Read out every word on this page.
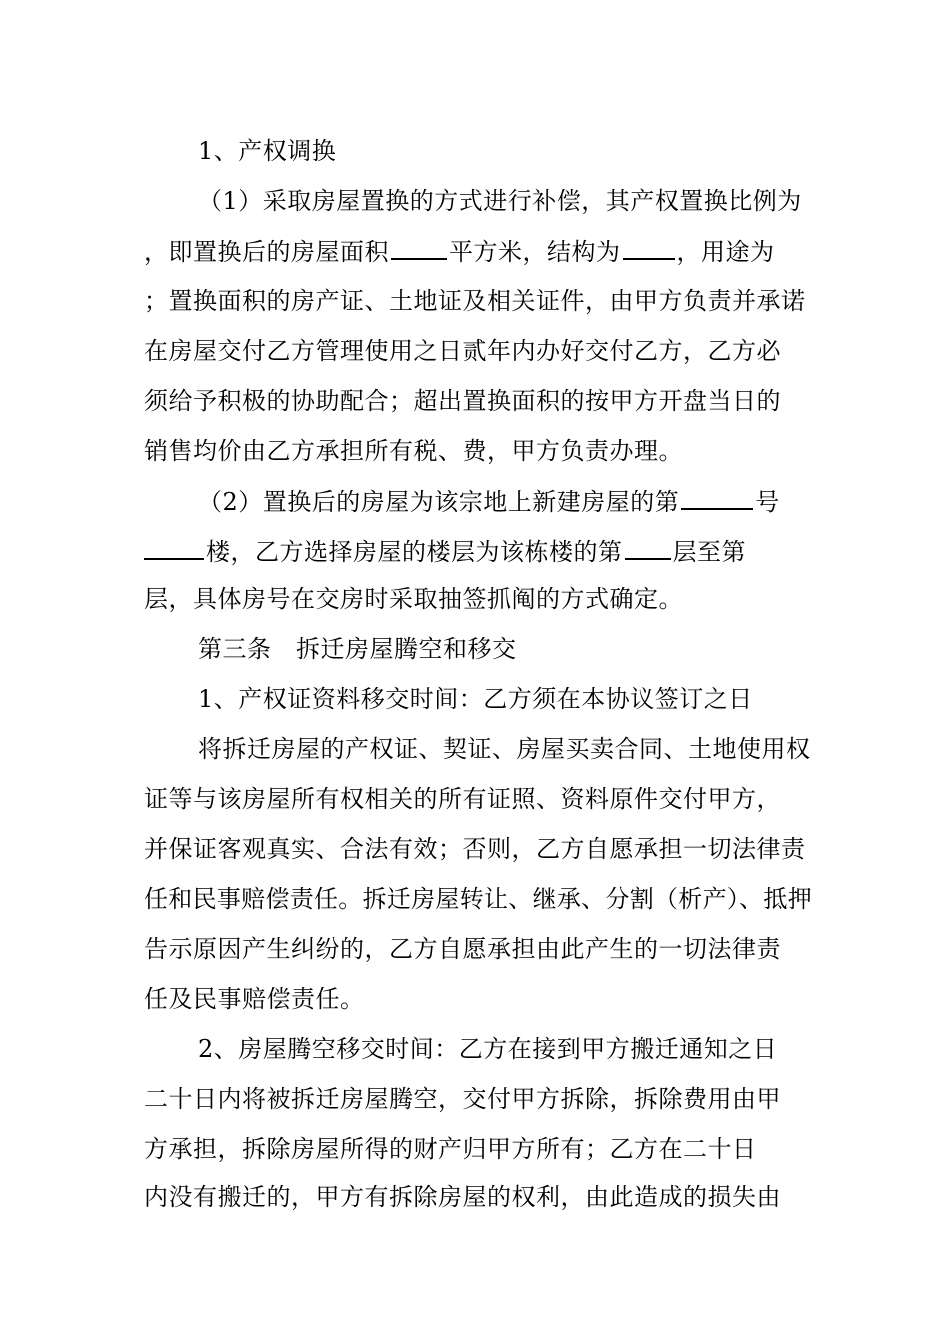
1、产权调换
（1）采取房屋置换的方式进行补偿，其产权置换比例为
，即置换后的房屋面积	平方米，结构为 ，用途为
；置换面积的房产证、土地证及相关证件，由甲方负责并承诺
在房屋交付乙方管理使用之日贰年内办好交付乙方，乙方必
须给予积极的协助配合；超出置换面积的按甲方开盘当日的
销售均价由乙方承担所有税、费，甲方负责办理。
（2）置换后的房屋为该宗地上新建房屋的第	号
楼，乙方选择房屋的楼层为该栋楼的第 层至第
层，具体房号在交房时采取抽签抓阄的方式确定。
第三条　拆迁房屋腾空和移交
1、产权证资料移交时间：乙方须在本协议签订之日
将拆迁房屋的产权证、契证、房屋买卖合同、土地使用权
证等与该房屋所有权相关的所有证照、资料原件交付甲方，
并保证客观真实、合法有效；否则，乙方自愿承担一切法律责
任和民事赔偿责任。拆迁房屋转让、继承、分割（析产）、抵押
告示原因产生纠纷的，乙方自愿承担由此产生的一切法律责
任及民事赔偿责任。
2、房屋腾空移交时间：乙方在接到甲方搬迁通知之日
二十日内将被拆迁房屋腾空，交付甲方拆除，拆除费用由甲
方承担，拆除房屋所得的财产归甲方所有；乙方在二十日
内没有搬迁的，甲方有拆除房屋的权利，由此造成的损失由
